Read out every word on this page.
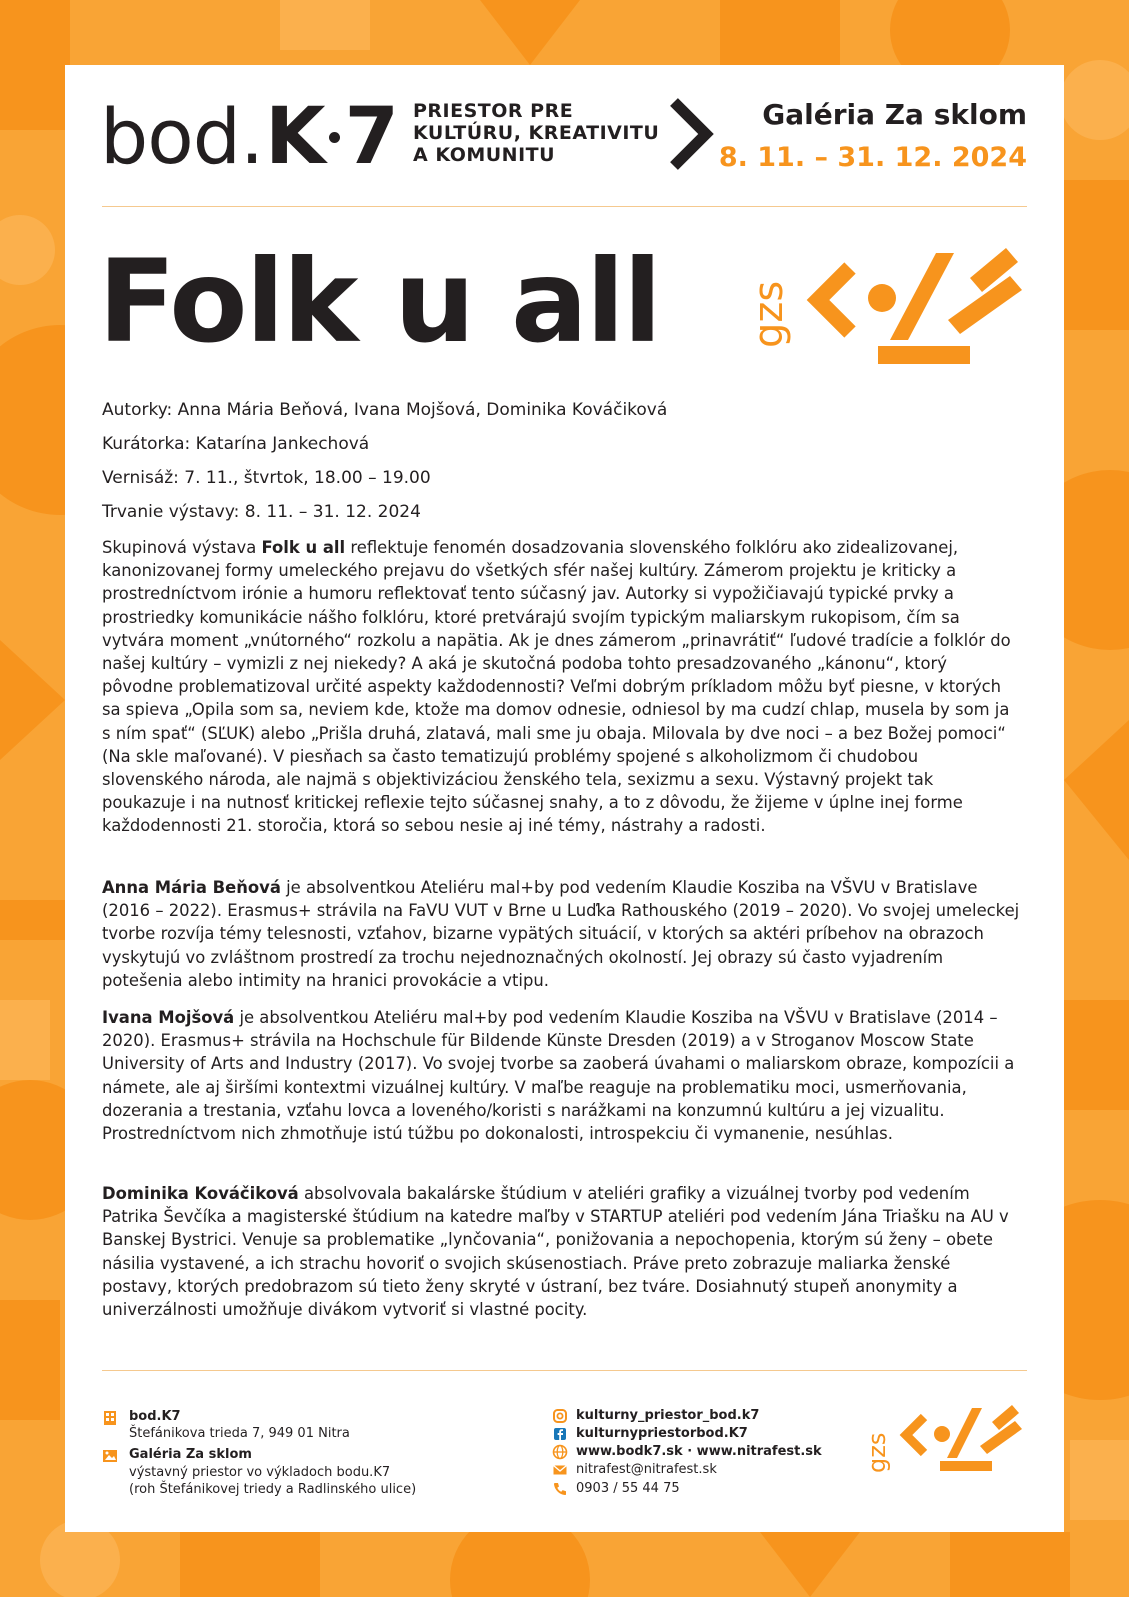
bod. K 7 PRIESTOR PRE
KULTÚRU, KREATIVITU
A KOMUNITU
Galéria Za sklom
8. 11. – 31. 12. 2024
Folk u all gzs
Autorky: Anna Mária Beňová, Ivana Mojšová, Dominika Kováčiková
Kurátorka: Katarína Jankechová
Vernisáž: 7. 11., štvrtok, 18.00 – 19.00
Trvanie výstavy: 8. 11. – 31. 12. 2024

Skupinová výstava Folk u all reflektuje fenomén dosadzovania slovenského folklóru ako zidealizovanej, kanonizovanej formy umeleckého prejavu do všetkých sfér našej kultúry. Zámerom projektu je kriticky a prostredníctvom irónie a humoru reflektovať tento súčasný jav. Autorky si vypožičiavajú typické prvky a prostriedky komunikácie nášho folklóru, ktoré pretvárajú svojím typickým maliarskym rukopisom, čím sa vytvára moment „vnútorného“ rozkolu a napätia. Ak je dnes zámerom „prinavrátiť“ ľudové tradície a folklór do našej kultúry – vymizli z nej niekedy? A aká je skutočná podoba tohto presadzovaného „kánonu“, ktorý pôvodne problematizoval určité aspekty každodennosti? Veľmi dobrým príkladom môžu byť piesne, v ktorých sa spieva „Opila som sa, neviem kde, ktože ma domov odnesie, odniesol by ma cudzí chlap, musela by som ja s ním spať“ (SĽUK) alebo „Prišla druhá, zlatavá, mali sme ju obaja. Milovala by dve noci – a bez Božej pomoci“ (Na skle maľované). V piesňach sa často tematizujú problémy spojené s alkoholizmom či chudobou slovenského národa, ale najmä s objektivizáciou ženského tela, sexizmu a sexu. Výstavný projekt tak poukazuje i na nutnosť kritickej reflexie tejto súčasnej snahy, a to z dôvodu, že žijeme v úplne inej forme každodennosti 21. storočia, ktorá so sebou nesie aj iné témy, nástrahy a radosti.

Anna Mária Beňová je absolventkou Ateliéru mal+by pod vedením Klaudie Kosziba na VŠVU v Bratislave (2016 – 2022). Erasmus+ strávila na FaVU VUT v Brne u Luďka Rathouského (2019 – 2020). Vo svojej umeleckej tvorbe rozvíja témy telesnosti, vzťahov, bizarne vypätých situácií, v ktorých sa aktéri príbehov na obrazoch vyskytujú vo zvláštnom prostredí za trochu nejednoznačných okolností. Jej obrazy sú často vyjadrením potešenia alebo intimity na hranici provokácie a vtipu.

Ivana Mojšová je absolventkou Ateliéru mal+by pod vedením Klaudie Kosziba na VŠVU v Bratislave (2014 – 2020). Erasmus+ strávila na Hochschule für Bildende Künste Dresden (2019) a v Stroganov Moscow State University of Arts and Industry (2017). Vo svojej tvorbe sa zaoberá úvahami o maliarskom obraze, kompozícii a námete, ale aj širšími kontextmi vizuálnej kultúry. V maľbe reaguje na problematiku moci, usmerňovania, dozerania a trestania, vzťahu lovca a loveného/koristi s narážkami na konzumnú kultúru a jej vizualitu. Prostredníctvom nich zhmotňuje istú túžbu po dokonalosti, introspekciu či vymanenie, nesúhlas.

Dominika Kováčiková absolvovala bakalárske štúdium v ateliéri grafiky a vizuálnej tvorby pod vedením Patrika Ševčíka a magisterské štúdium na katedre maľby v STARTUP ateliéri pod vedením Jána Triašku na AU v Banskej Bystrici. Venuje sa problematike „lynčovania“, ponižovania a nepochopenia, ktorým sú ženy – obete násilia vystavené, a ich strachu hovoriť o svojich skúsenostiach. Práve preto zobrazuje maliarka ženské postavy, ktorých predobrazom sú tieto ženy skryté v ústraní, bez tváre. Dosiahnutý stupeň anonymity a univerzálnosti umožňuje divákom vytvoriť si vlastné pocity.

bod.K7
Štefánikova trieda 7, 949 01 Nitra
Galéria Za sklom
výstavný priestor vo výkladoch bodu.K7
(roh Štefánikovej triedy a Radlinského ulice)
kulturny_priestor_bod.k7
kulturnypriestorbod.K7
www.bodk7.sk · www.nitrafest.sk
nitrafest@nitrafest.sk
0903 / 55 44 75
gzs
